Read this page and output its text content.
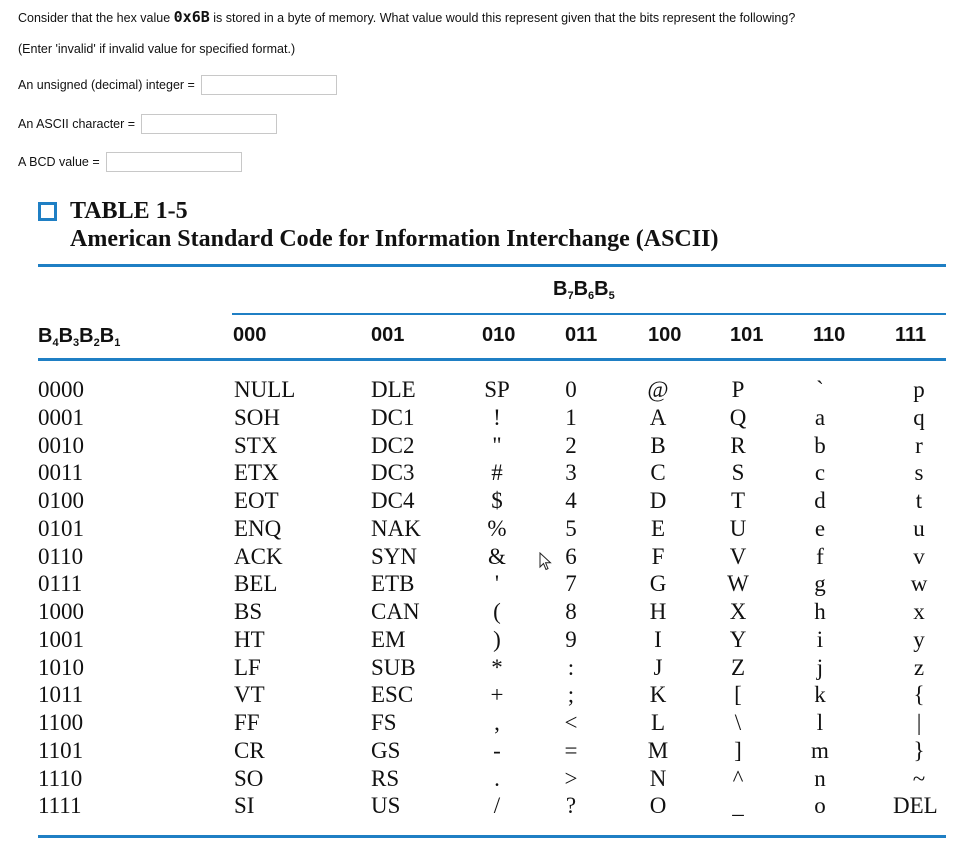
Consider that the hex value 0x6B is stored in a byte of memory. What value would this represent given that the bits represent the following?
(Enter 'invalid' if invalid value for specified format.)
An unsigned (decimal) integer =
An ASCII character =
A BCD value =
TABLE 1-5
American Standard Code for Information Interchange (ASCII)
$B_7B_6B_5$
$B_4B_3B_2B_1$	000	001	010 011	100 101 110 111
0000	NULL	DLE	SP 0	@	P	`	p
0001	SOH	DC1	!	1	A	Q	a	q
0010	STX	DC2	"	2	B	R	b	r
0011	ETX	DC3	#	3	C	S	c	s
0100	EOT	DC4	$	4	D	T	d	t
0101	ENQ	NAK	%	5	E	U	e	u
0110	ACK	SYN	&	6	F	V	f	v
0111	BEL	ETB	'	7	G	W	g	w
1000	BS	CAN	(	8	H	X	h	x
1001	HT	EM	)	9	I	Y	i	y
1010	LF	SUB	*	:	J	Z	j	z
1011	VT	ESC	+	;	K	[	k	{
1100	FF	FS	,	<	L	\	l	|
1101	CR	GS	-	=	M	]	m	}
1110	SO	RS	.	>	N	^	n	~
1111	SI	US	/	?	O	_	o	DEL
